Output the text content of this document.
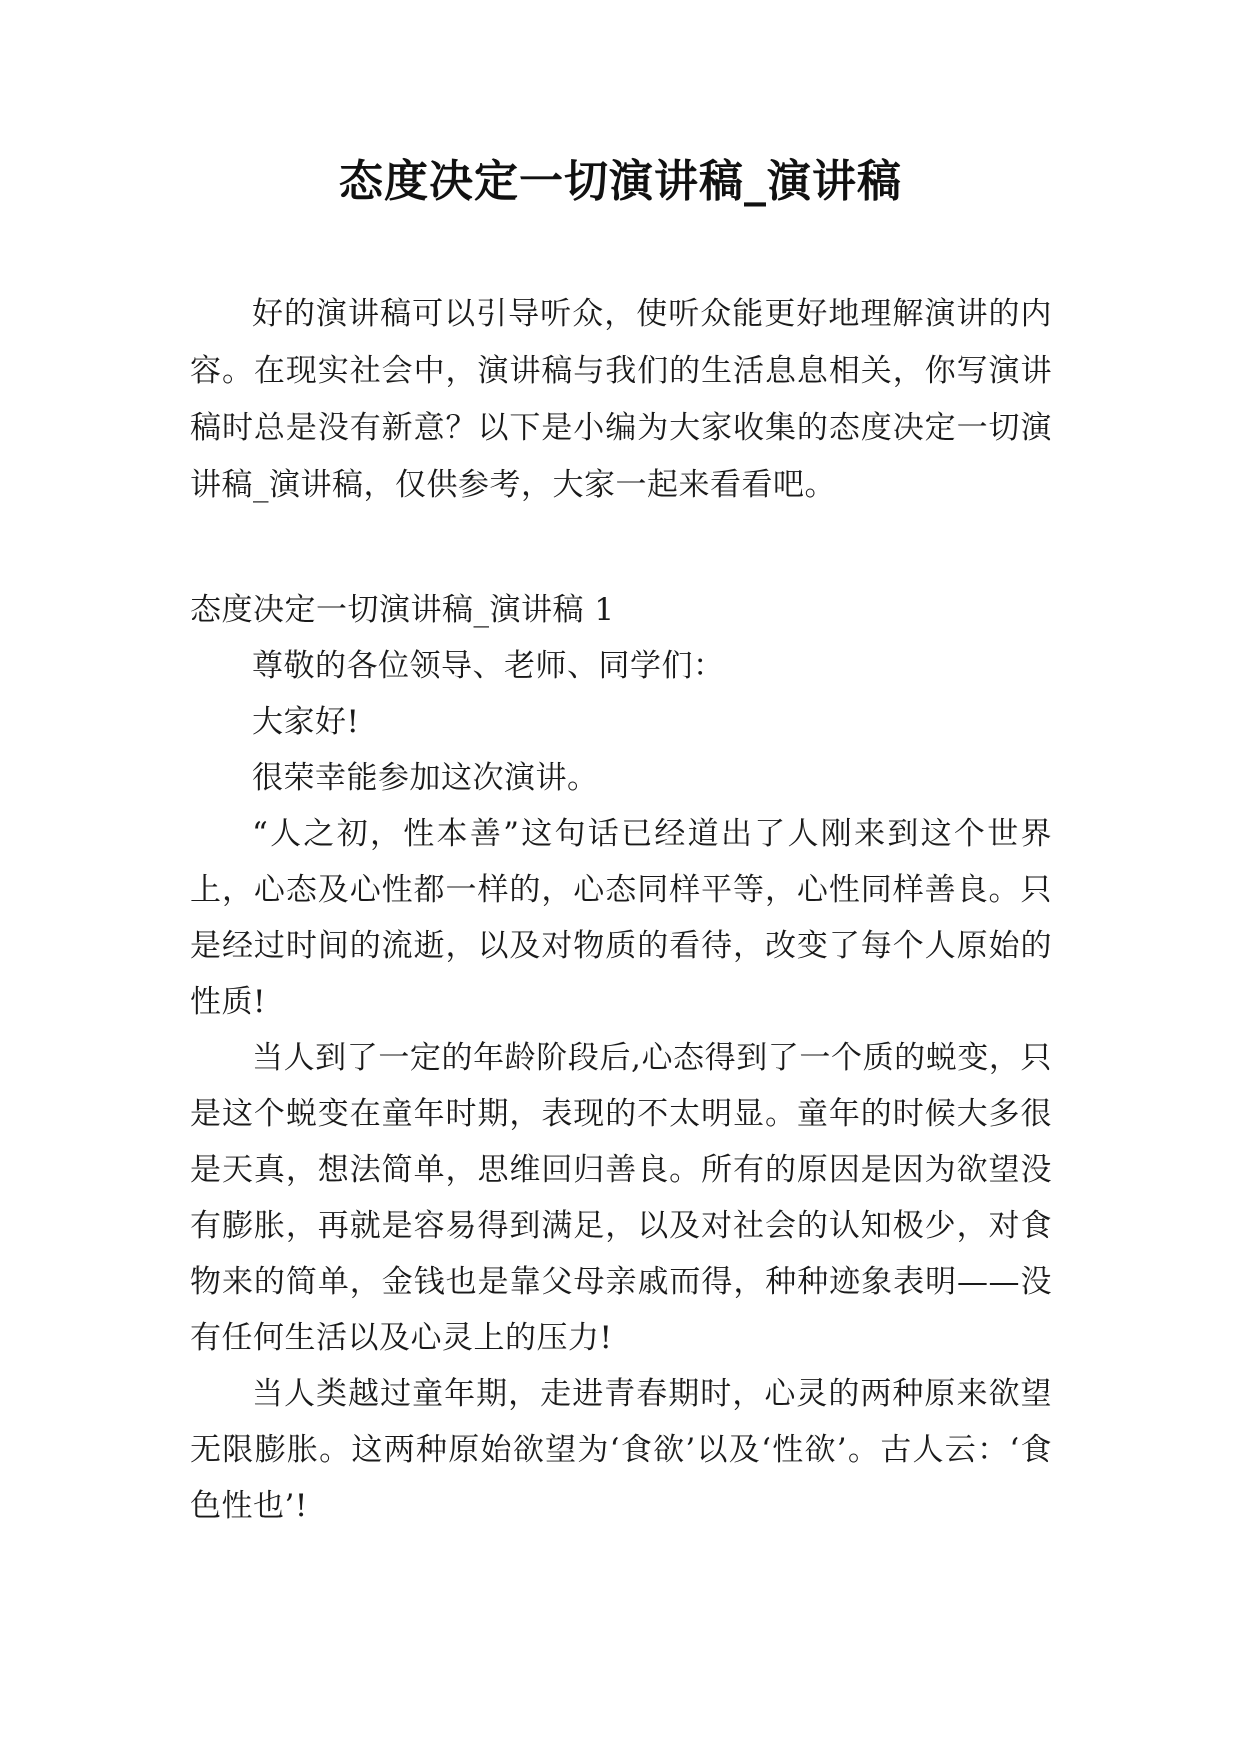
态度决定一切演讲稿_演讲稿

好的演讲稿可以引导听众，使听众能更好地理解演讲的内容。在现实社会中，演讲稿与我们的生活息息相关，你写演讲稿时总是没有新意？以下是小编为大家收集的态度决定一切演讲稿_演讲稿，仅供参考，大家一起来看看吧。

态度决定一切演讲稿_演讲稿 1

尊敬的各位领导、老师、同学们：

大家好!

很荣幸能参加这次演讲。

“人之初，性本善”这句话已经道出了人刚来到这个世界上，心态及心性都一样的，心态同样平等，心性同样善良。只是经过时间的流逝，以及对物质的看待，改变了每个人原始的性质!

当人到了一定的年龄阶段后,心态得到了一个质的蜕变，只是这个蜕变在童年时期，表现的不太明显。童年的时候大多很是天真，想法简单，思维回归善良。所有的原因是因为欲望没有膨胀，再就是容易得到满足，以及对社会的认知极少，对食物来的简单，金钱也是靠父母亲戚而得，种种迹象表明——没有任何生活以及心灵上的压力!

当人类越过童年期，走进青春期时，心灵的两种原来欲望无限膨胀。这两种原始欲望为‘食欲’以及‘性欲’。古人云：‘食色性也’!
